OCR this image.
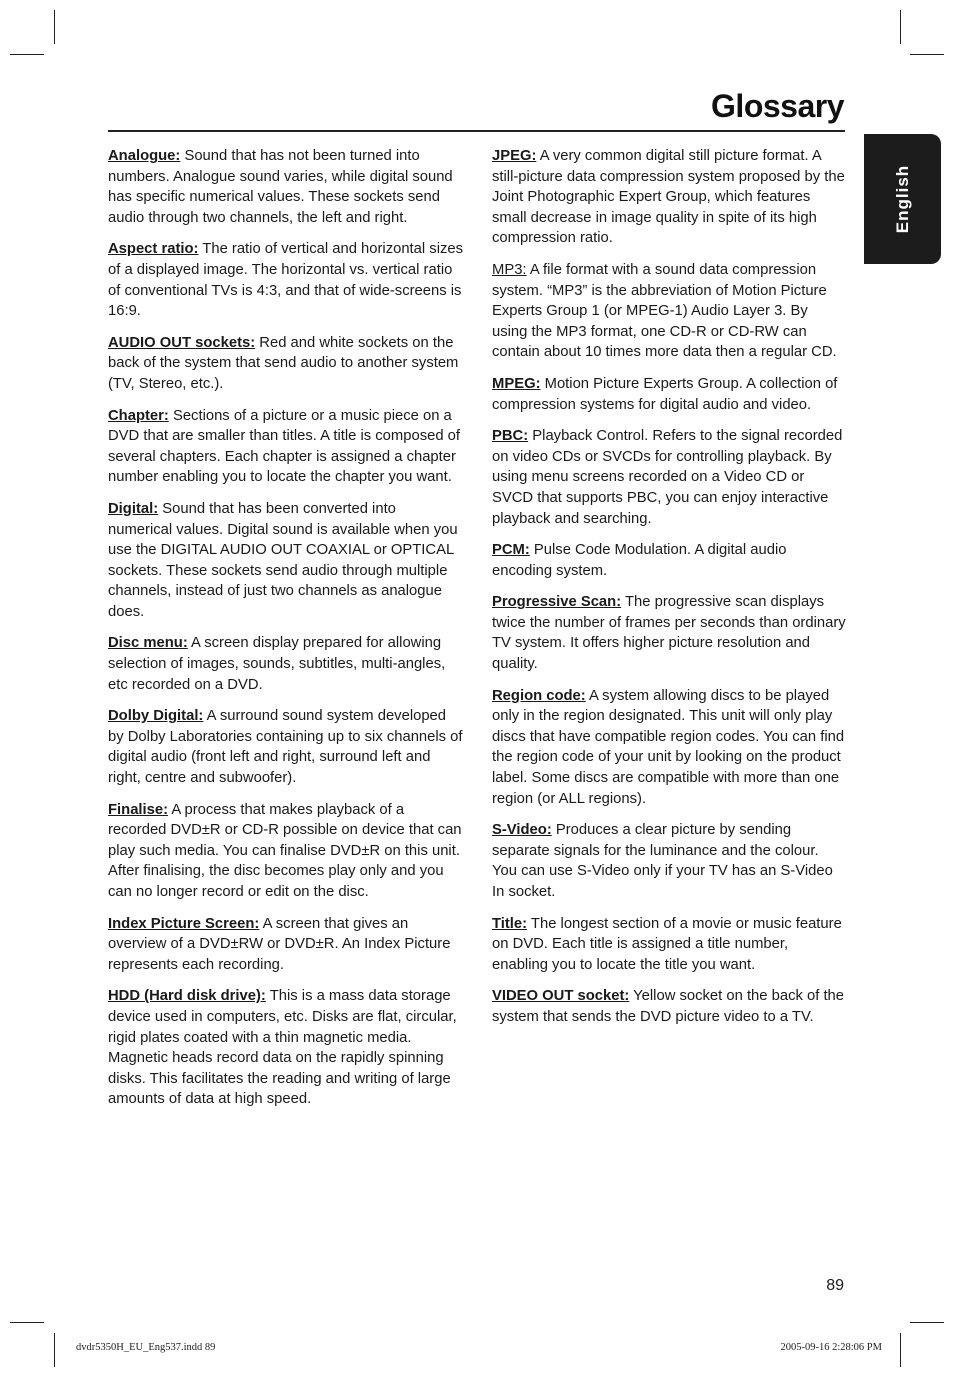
Glossary
English

Analogue: Sound that has not been turned into numbers. Analogue sound varies, while digital sound has specific numerical values. These sockets send audio through two channels, the left and right.

Aspect ratio: The ratio of vertical and horizontal sizes of a displayed image. The horizontal vs. vertical ratio of conventional TVs is 4:3, and that of wide-screens is 16:9.

AUDIO OUT sockets: Red and white sockets on the back of the system that send audio to another system (TV, Stereo, etc.).

Chapter: Sections of a picture or a music piece on a DVD that are smaller than titles. A title is composed of several chapters. Each chapter is assigned a chapter number enabling you to locate the chapter you want.

Digital: Sound that has been converted into numerical values. Digital sound is available when you use the DIGITAL AUDIO OUT COAXIAL or OPTICAL sockets. These sockets send audio through multiple channels, instead of just two channels as analogue does.

Disc menu: A screen display prepared for allowing selection of images, sounds, subtitles, multi-angles, etc recorded on a DVD.

Dolby Digital: A surround sound system developed by Dolby Laboratories containing up to six channels of digital audio (front left and right, surround left and right, centre and subwoofer).

Finalise: A process that makes playback of a recorded DVD±R or CD-R possible on device that can play such media. You can finalise DVD±R on this unit. After finalising, the disc becomes play only and you can no longer record or edit on the disc.

Index Picture Screen: A screen that gives an overview of a DVD±RW or DVD±R. An Index Picture represents each recording.

HDD (Hard disk drive): This is a mass data storage device used in computers, etc. Disks are flat, circular, rigid plates coated with a thin magnetic media. Magnetic heads record data on the rapidly spinning disks. This facilitates the reading and writing of large amounts of data at high speed.

JPEG: A very common digital still picture format. A still-picture data compression system proposed by the Joint Photographic Expert Group, which features small decrease in image quality in spite of its high compression ratio.

MP3: A file format with a sound data compression system. “MP3” is the abbreviation of Motion Picture Experts Group 1 (or MPEG-1) Audio Layer 3. By using the MP3 format, one CD-R or CD-RW can contain about 10 times more data then a regular CD.

MPEG: Motion Picture Experts Group. A collection of compression systems for digital audio and video.

PBC: Playback Control. Refers to the signal recorded on video CDs or SVCDs for controlling playback. By using menu screens recorded on a Video CD or SVCD that supports PBC, you can enjoy interactive playback and searching.

PCM: Pulse Code Modulation. A digital audio encoding system.

Progressive Scan: The progressive scan displays twice the number of frames per seconds than ordinary TV system. It offers higher picture resolution and quality.

Region code: A system allowing discs to be played only in the region designated. This unit will only play discs that have compatible region codes. You can find the region code of your unit by looking on the product label. Some discs are compatible with more than one region (or ALL regions).

S-Video: Produces a clear picture by sending separate signals for the luminance and the colour. You can use S-Video only if your TV has an S-Video In socket.

Title: The longest section of a movie or music feature on DVD. Each title is assigned a title number, enabling you to locate the title you want.

VIDEO OUT socket: Yellow socket on the back of the system that sends the DVD picture video to a TV.

89
dvdr5350H_EU_Eng537.indd 89	2005-09-16 2:28:06 PM
